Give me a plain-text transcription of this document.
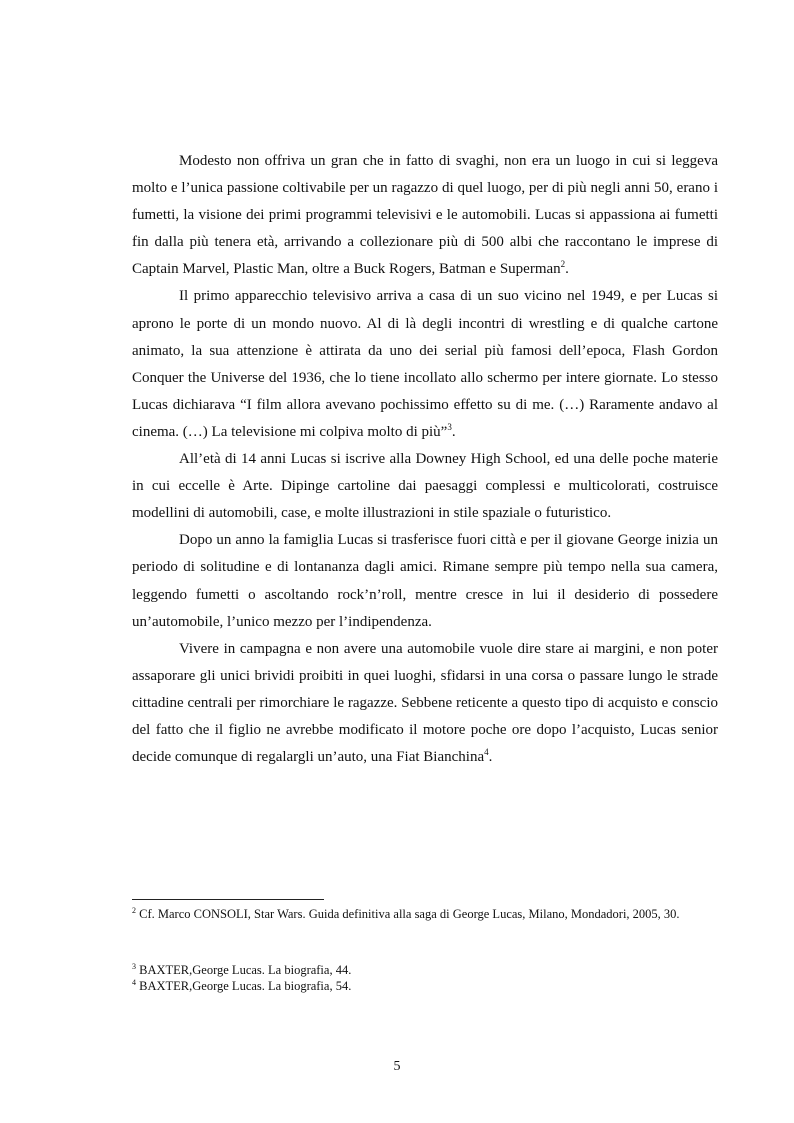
Modesto non offriva un gran che in fatto di svaghi, non era un luogo in cui si leggeva molto e l’unica passione coltivabile per un ragazzo di quel luogo, per di più negli anni 50, erano i fumetti, la visione dei primi programmi televisivi e le automobili. Lucas si appassiona ai fumetti fin dalla più tenera età, arrivando a collezionare più di 500 albi che raccontano le imprese di Captain Marvel, Plastic Man, oltre a Buck Rogers, Batman e Superman$^2$.

Il primo apparecchio televisivo arriva a casa di un suo vicino nel 1949, e per Lucas si aprono le porte di un mondo nuovo. Al di là degli incontri di wrestling e di qualche cartone animato, la sua attenzione è attirata da uno dei serial più famosi dell’epoca, Flash Gordon Conquer the Universe del 1936, che lo tiene incollato allo schermo per intere giornate. Lo stesso Lucas dichiarava “I film allora avevano pochissimo effetto su di me. (…) Raramente andavo al cinema. (…) La televisione mi colpiva molto di più”$^3$.

All’età di 14 anni Lucas si iscrive alla Downey High School, ed una delle poche materie in cui eccelle è Arte. Dipinge cartoline dai paesaggi complessi e multicolorati, costruisce modellini di automobili, case, e molte illustrazioni in stile spaziale o futuristico.

Dopo un anno la famiglia Lucas si trasferisce fuori città e per il giovane George inizia un periodo di solitudine e di lontananza dagli amici. Rimane sempre più tempo nella sua camera, leggendo fumetti o ascoltando rock’n’roll, mentre cresce in lui il desiderio di possedere un’automobile, l’unico mezzo per l’indipendenza.

Vivere in campagna e non avere una automobile vuole dire stare ai margini, e non poter assaporare gli unici brividi proibiti in quei luoghi, sfidarsi in una corsa o passare lungo le strade cittadine centrali per rimorchiare le ragazze. Sebbene reticente a questo tipo di acquisto e conscio del fatto che il figlio ne avrebbe modificato il motore poche ore dopo l’acquisto, Lucas senior decide comunque di regalargli un’auto, una Fiat Bianchina$^4$.

$^2$ Cf. Marco CONSOLI, Star Wars. Guida definitiva alla saga di George Lucas, Milano, Mondadori, 2005, 30.

$^3$ BAXTER,George Lucas. La biografia, 44.

$^4$ BAXTER,George Lucas. La biografia, 54.

5
